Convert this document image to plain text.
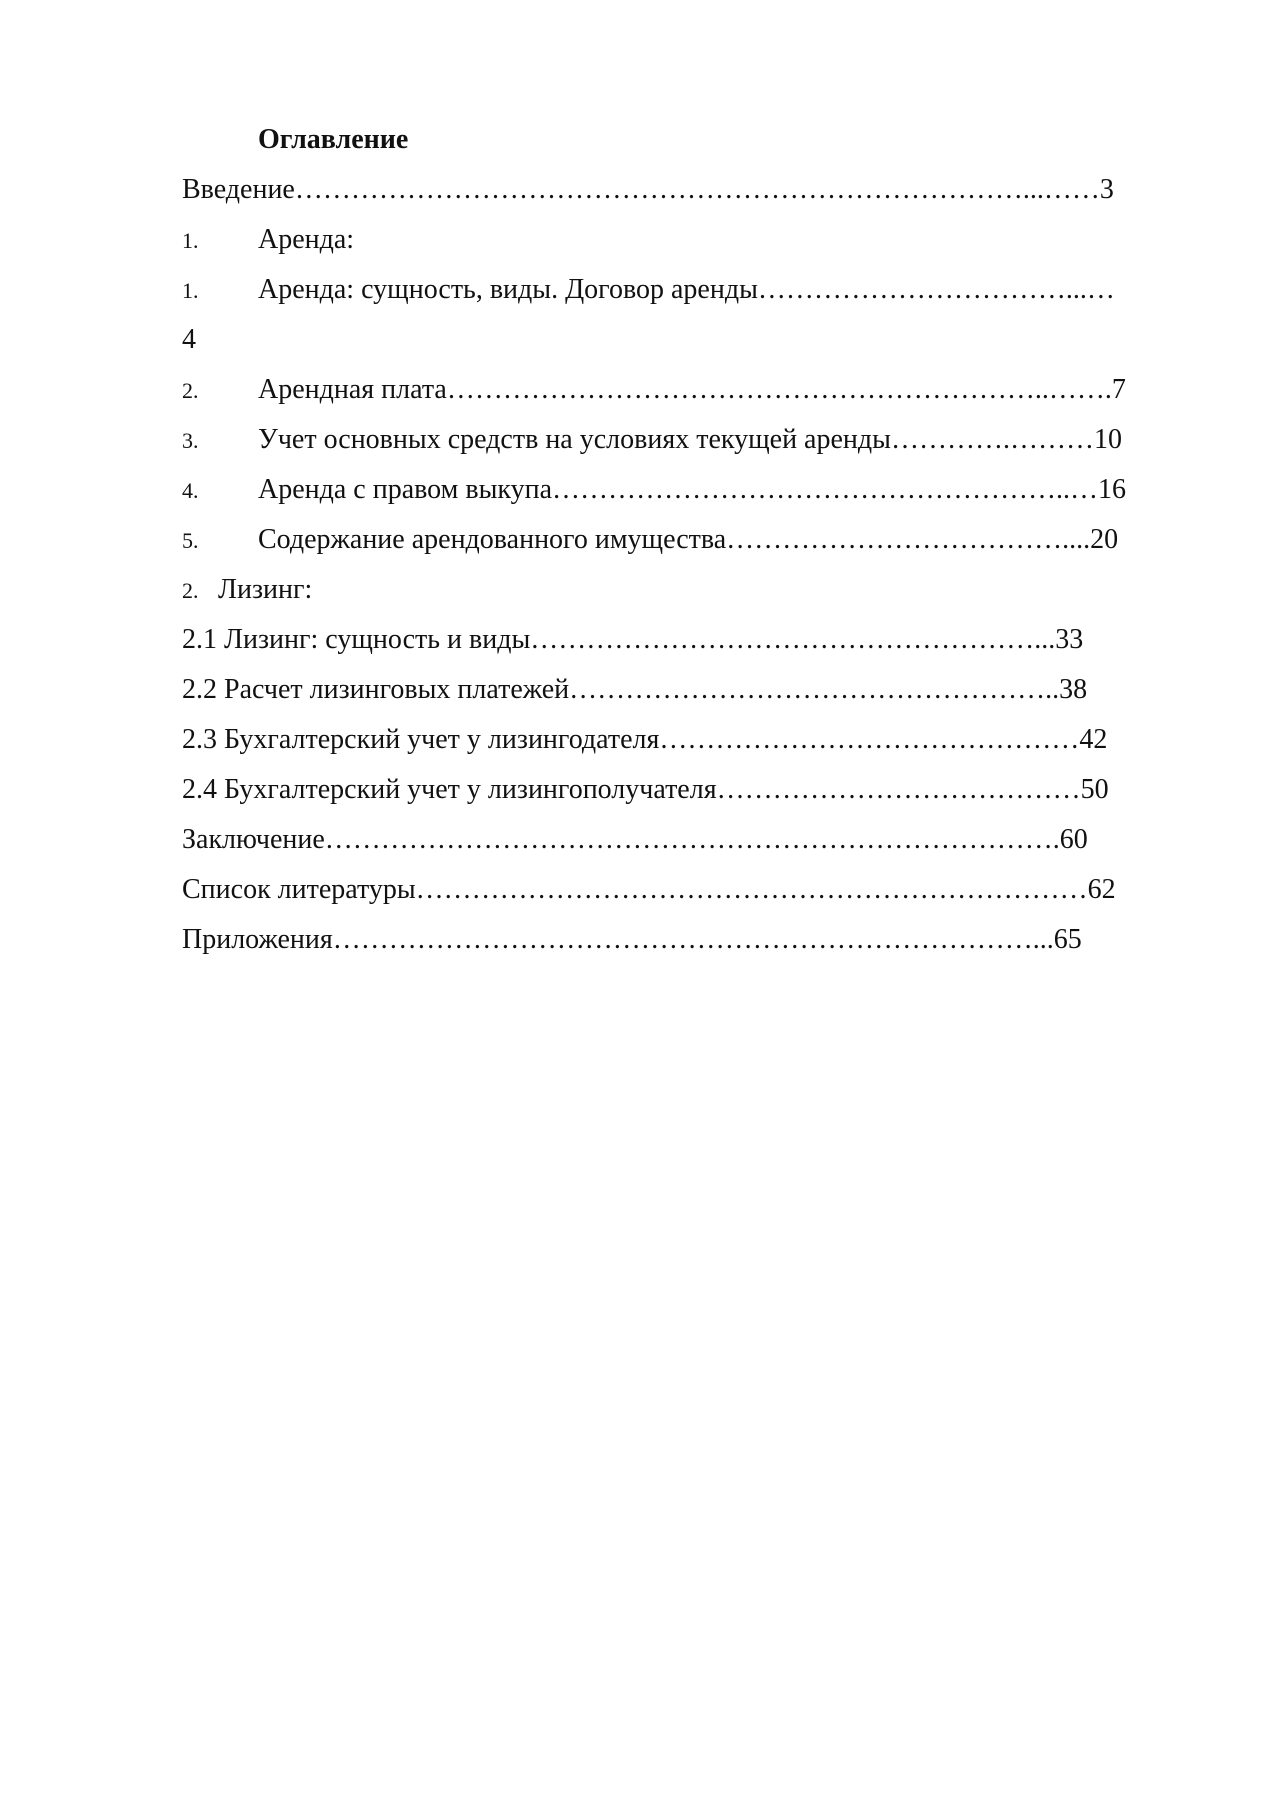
Оглавление
Введение……………………………………………………………………...……3
1. Аренда:
1. Аренда: сущность, виды. Договор аренды……………………………...…
4
2. Арендная плата………………………………………………………..…….7
3. Учет основных средств на условиях текущей аренды………….………10
4. Аренда с правом выкупа………………………………………………..…16
5. Содержание арендованного имущества………………………………....20
2. Лизинг:
2.1 Лизинг: сущность и виды………………………………………………...33
2.2 Расчет лизинговых платежей……………………………………………..38
2.3 Бухгалтерский учет у лизингодателя………………………………………42
2.4 Бухгалтерский учет у лизингополучателя…………………………………50
Заключение…………………………………………………………………….60
Список литературы………………………………………………………………62
Приложения…………………………………………………………………...65
